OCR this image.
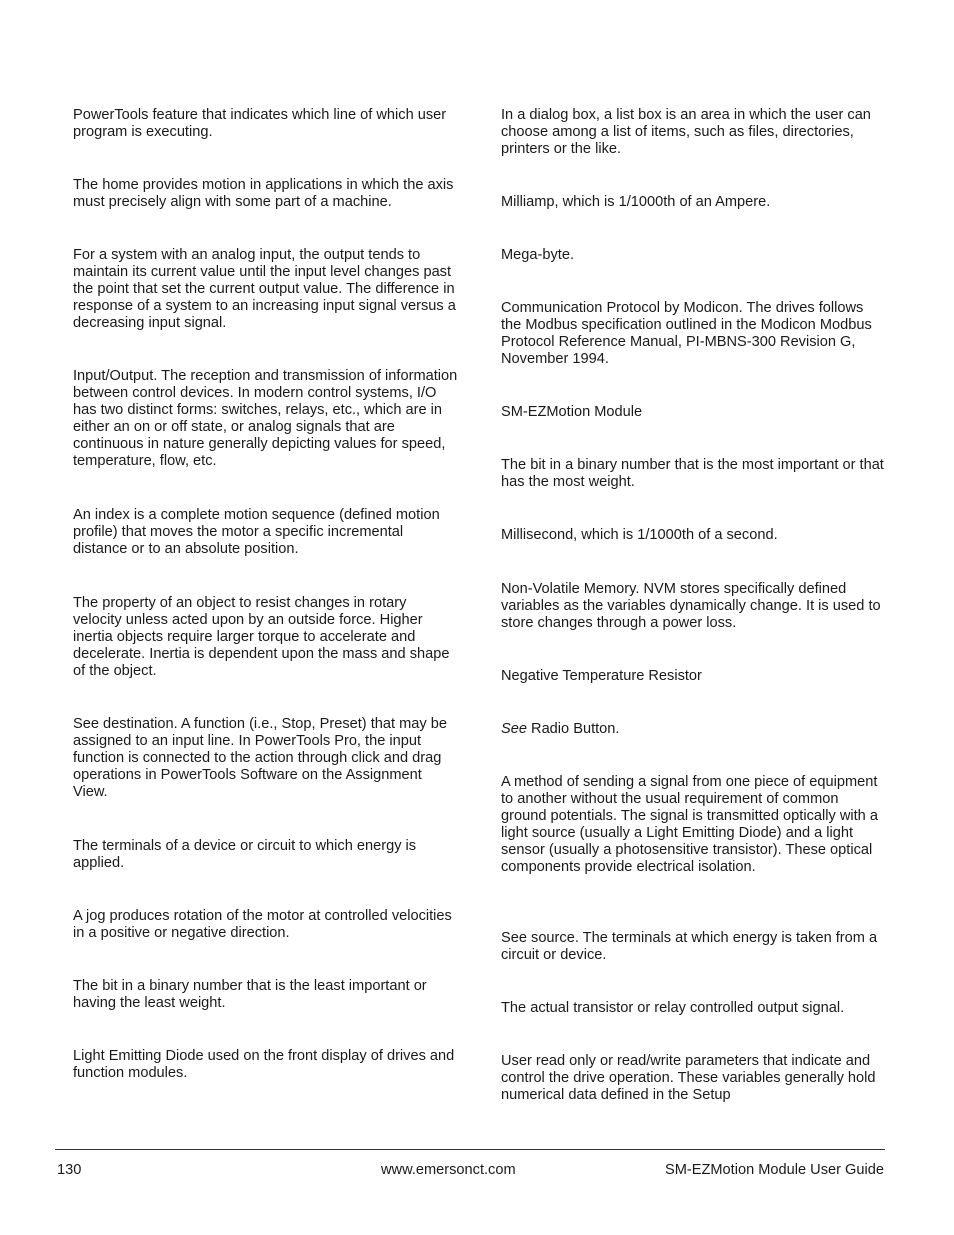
PowerTools feature that indicates which line of which user program is executing.

The home provides motion in applications in which the axis must precisely align with some part of a machine.

For a system with an analog input, the output tends to maintain its current value until the input level changes past the point that set the current output value. The difference in response of a system to an increasing input signal versus a decreasing input signal.

Input/Output. The reception and transmission of information between control devices. In modern control systems, I/O has two distinct forms: switches, relays, etc., which are in either an on or off state, or analog signals that are continuous in nature generally depicting values for speed, temperature, flow, etc.

An index is a complete motion sequence (defined motion profile) that moves the motor a specific incremental distance or to an absolute position.

The property of an object to resist changes in rotary velocity unless acted upon by an outside force. Higher inertia objects require larger torque to accelerate and decelerate. Inertia is dependent upon the mass and shape of the object.

See destination. A function (i.e., Stop, Preset) that may be assigned to an input line. In PowerTools Pro, the input function is connected to the action through click and drag operations in PowerTools Software on the Assignment View.

The terminals of a device or circuit to which energy is applied.

A jog produces rotation of the motor at controlled velocities in a positive or negative direction.

The bit in a binary number that is the least important or having the least weight.

Light Emitting Diode used on the front display of drives and function modules.

In a dialog box, a list box is an area in which the user can choose among a list of items, such as files, directories, printers or the like.

Milliamp, which is 1/1000th of an Ampere.

Mega-byte.

Communication Protocol by Modicon. The drives follows the Modbus specification outlined in the Modicon Modbus Protocol Reference Manual, PI-MBNS-300 Revision G, November 1994.

SM-EZMotion Module

The bit in a binary number that is the most important or that has the most weight.

Millisecond, which is 1/1000th of a second.

Non-Volatile Memory. NVM stores specifically defined variables as the variables dynamically change. It is used to store changes through a power loss.

Negative Temperature Resistor

See Radio Button.

A method of sending a signal from one piece of equipment to another without the usual requirement of common ground potentials. The signal is transmitted optically with a light source (usually a Light Emitting Diode) and a light sensor (usually a photosensitive transistor). These optical components provide electrical isolation.

See source. The terminals at which energy is taken from a circuit or device.

The actual transistor or relay controlled output signal.

User read only or read/write parameters that indicate and control the drive operation. These variables generally hold numerical data defined in the Setup

130	www.emersonct.com	SM-EZMotion Module User Guide
